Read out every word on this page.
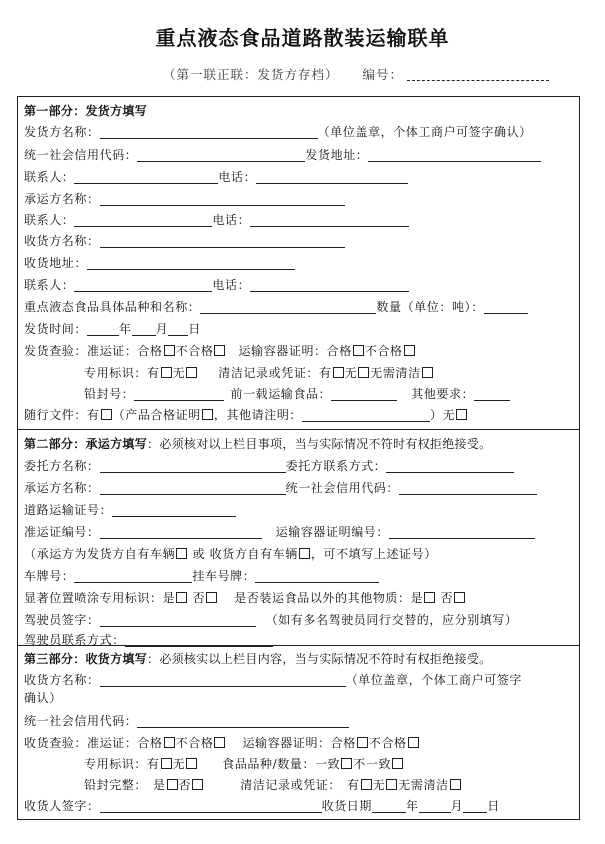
重点液态食品道路散装运输联单
（第一联正联：发货方存档） 编号：
第一部分：发货方填写
发货方名称：	（单位盖章，个体工商户可签字确认）
统一社会信用代码：	发货地址：
联系人：	电话：
承运方名称：
联系人：	电话：
收货方名称：
收货地址：
联系人：	电话：
重点液态食品具体品种和名称：	数量（单位：吨）：
发货时间：	年 月 日
发货查验：准运证：合格 不合格 运输容器证明：合格 不合格
专用标识：有 无	清洁记录或凭证：有 无 无需清洁
铅封号：	前一载运输食品：	其他要求：
随行文件：有 （产品合格证明 ，其他请注明：	）无
第二部分：承运方填写：必须核对以上栏目事项，当与实际情况不符时有权拒绝接受。
委托方名称：	委托方联系方式：
承运方名称：	统一社会信用代码：
道路运输证号：
准运证编号：	运输容器证明编号：
（承运方为发货方自有车辆 或 收货方自有车辆 ，可不填写上述证号）
车牌号：	挂车号牌：
显著位置喷涂专用标识：是 否 是否装运食品以外的其他物质：是 否
驾驶员签字：	（如有多名驾驶员同行交替的，应分别填写）
驾驶员联系方式：
第三部分：收货方填写：必须核实以上栏目内容，当与实际情况不符时有权拒绝接受。
收货方名称：	（单位盖章，个体工商户可签字
确认）
统一社会信用代码：
收货查验：准运证：合格 不合格 运输容器证明：合格 不合格
专用标识：有 无	食品品种/数量：一致 不一致
铅封完整： 是 否	清洁记录或凭证： 有 无 无需清洁
收货人签字：	收货日期	年	月 日
